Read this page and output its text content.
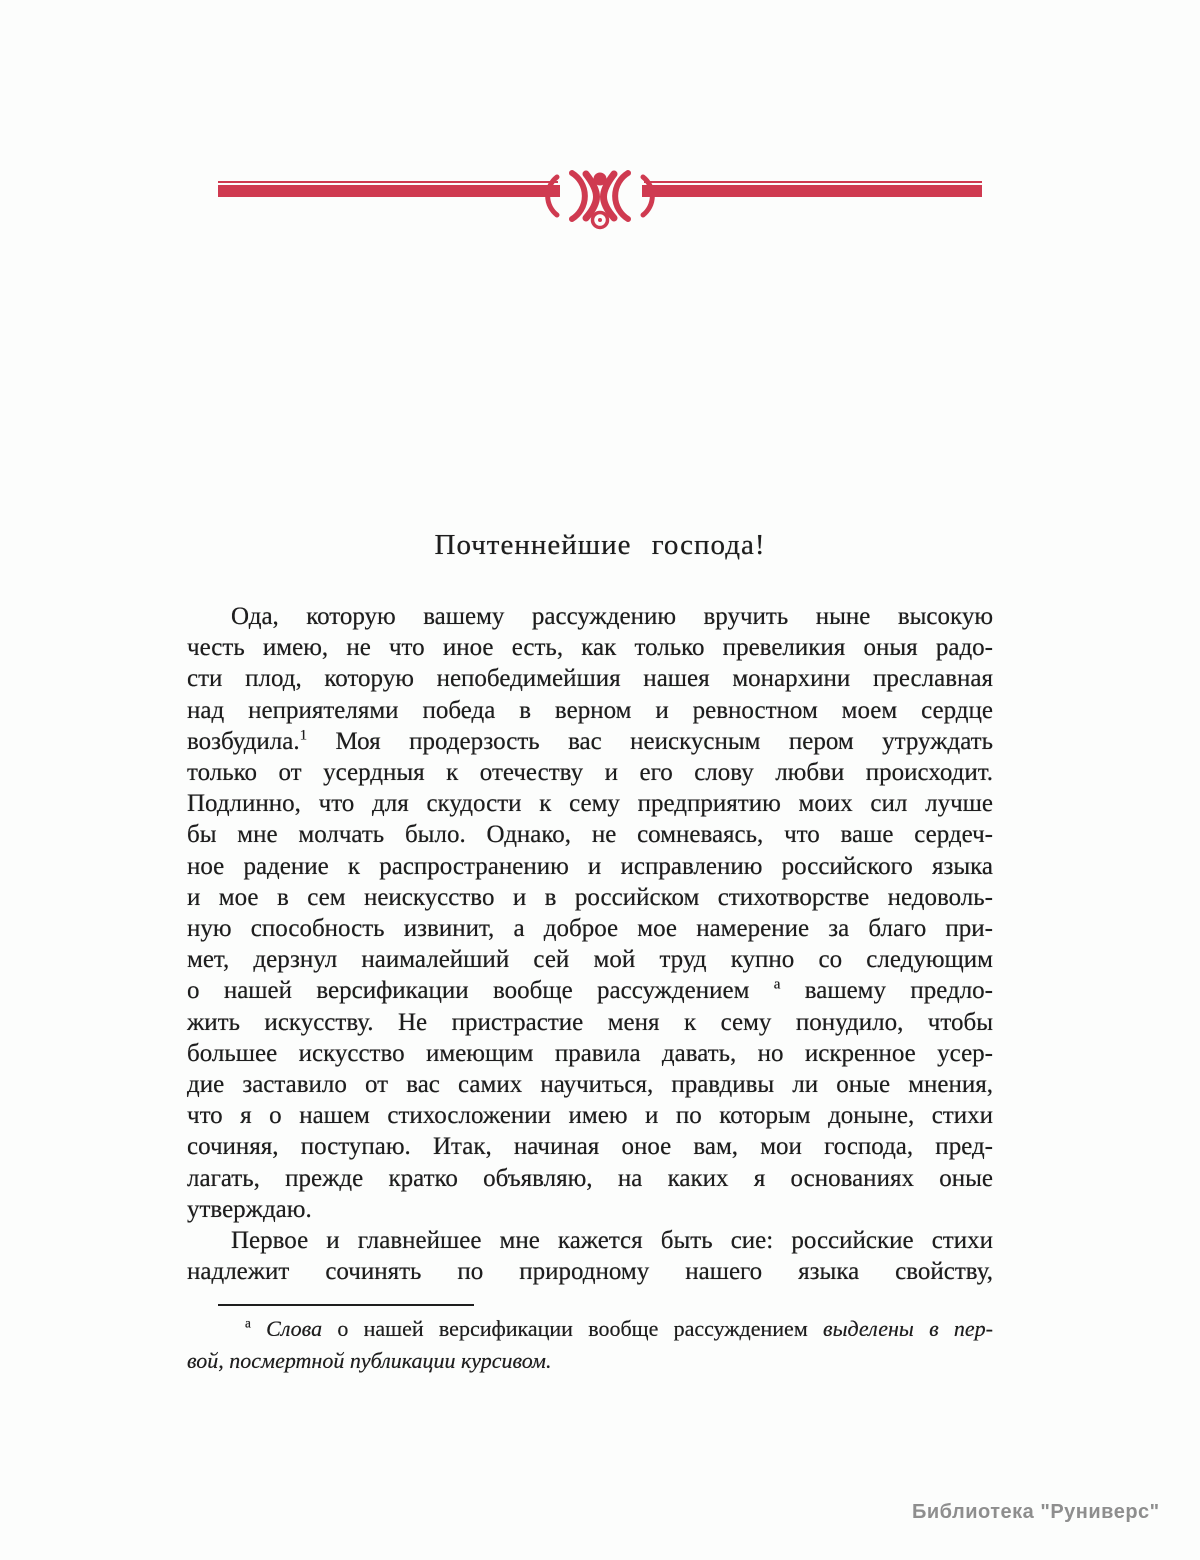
Почтеннейшие господа!
Ода, которую вашему рассуждению вручить ныне высокую
честь имею, не что иное есть, как только превеликия оныя радо-
сти плод, которую непобедимейшия нашея монархини преславная
над неприятелями победа в верном и ревностном моем сердце
возбудила.$^1$ Моя продерзость вас неискусным пером утруждать
только от усердныя к отечеству и его слову любви происходит.
Подлинно, что для скудости к сему предприятию моих сил лучше
бы мне молчать было. Однако, не сомневаясь, что ваше сердеч-
ное радение к распространению и исправлению российского языка
и мое в сем неискусство и в российском стихотворстве недоволь-
ную способность извинит, а доброе мое намерение за благо при-
мет, дерзнул наималейший сей мой труд купно со следующим
о нашей версификации вообще рассуждением $^а$ вашему предло-
жить искусству. Не пристрастие меня к сему понудило, чтобы
большее искусство имеющим правила давать, но искренное усер-
дие заставило от вас самих научиться, правдивы ли оные мнения,
что я о нашем стихосложении имею и по которым доныне, стихи
сочиняя, поступаю. Итак, начиная оное вам, мои господа, пред-
лагать, прежде кратко объявляю, на каких я основаниях оные
утверждаю.
Первое и главнейшее мне кажется быть сие: российские стихи
надлежит сочинять по природному нашего языка свойству,
$^а$ Слова о нашей версификации вообще рассуждением выделены в пер-
вой, посмертной публикации курсивом.
Библиотека "Руниверс"
